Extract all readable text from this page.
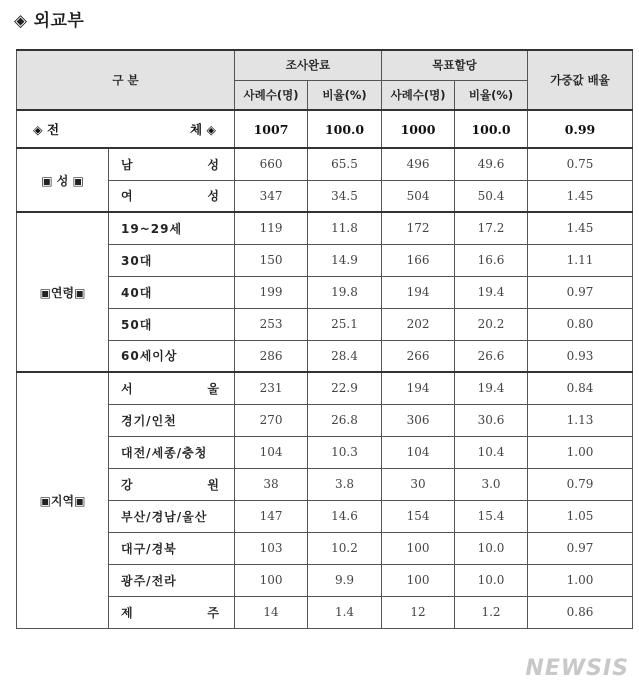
◈ 외교부
구 분		조사완료		목표할당		가중값 배율
		사례수(명)	비율(%)	사례수(명)	비율(%)	
◈ 전	체 ◈	1007	100.0	1000	100.0	0.99
▣ 성 ▣	남 성	660	65.5	496	49.6	0.75
	여 성	347	34.5	504	50.4	1.45
▣연령▣	19~29세	119	11.8	172	17.2	1.45
	30대	150	14.9	166	16.6	1.11
	40대	199	19.8	194	19.4	0.97
	50대	253	25.1	202	20.2	0.80
	60세이상	286	28.4	266	26.6	0.93
▣지역▣	서 울	231	22.9	194	19.4	0.84
	경기/인천	270	26.8	306	30.6	1.13
	대전/세종/충청	104	10.3	104	10.4	1.00
	강 원	38	3.8	30	3.0	0.79
	부산/경남/울산	147	14.6	154	15.4	1.05
	대구/경북	103	10.2	100	10.0	0.97
	광주/전라	100	9.9	100	10.0	1.00
	제 주	14	1.4	12	1.2	0.86
NEWSIS
